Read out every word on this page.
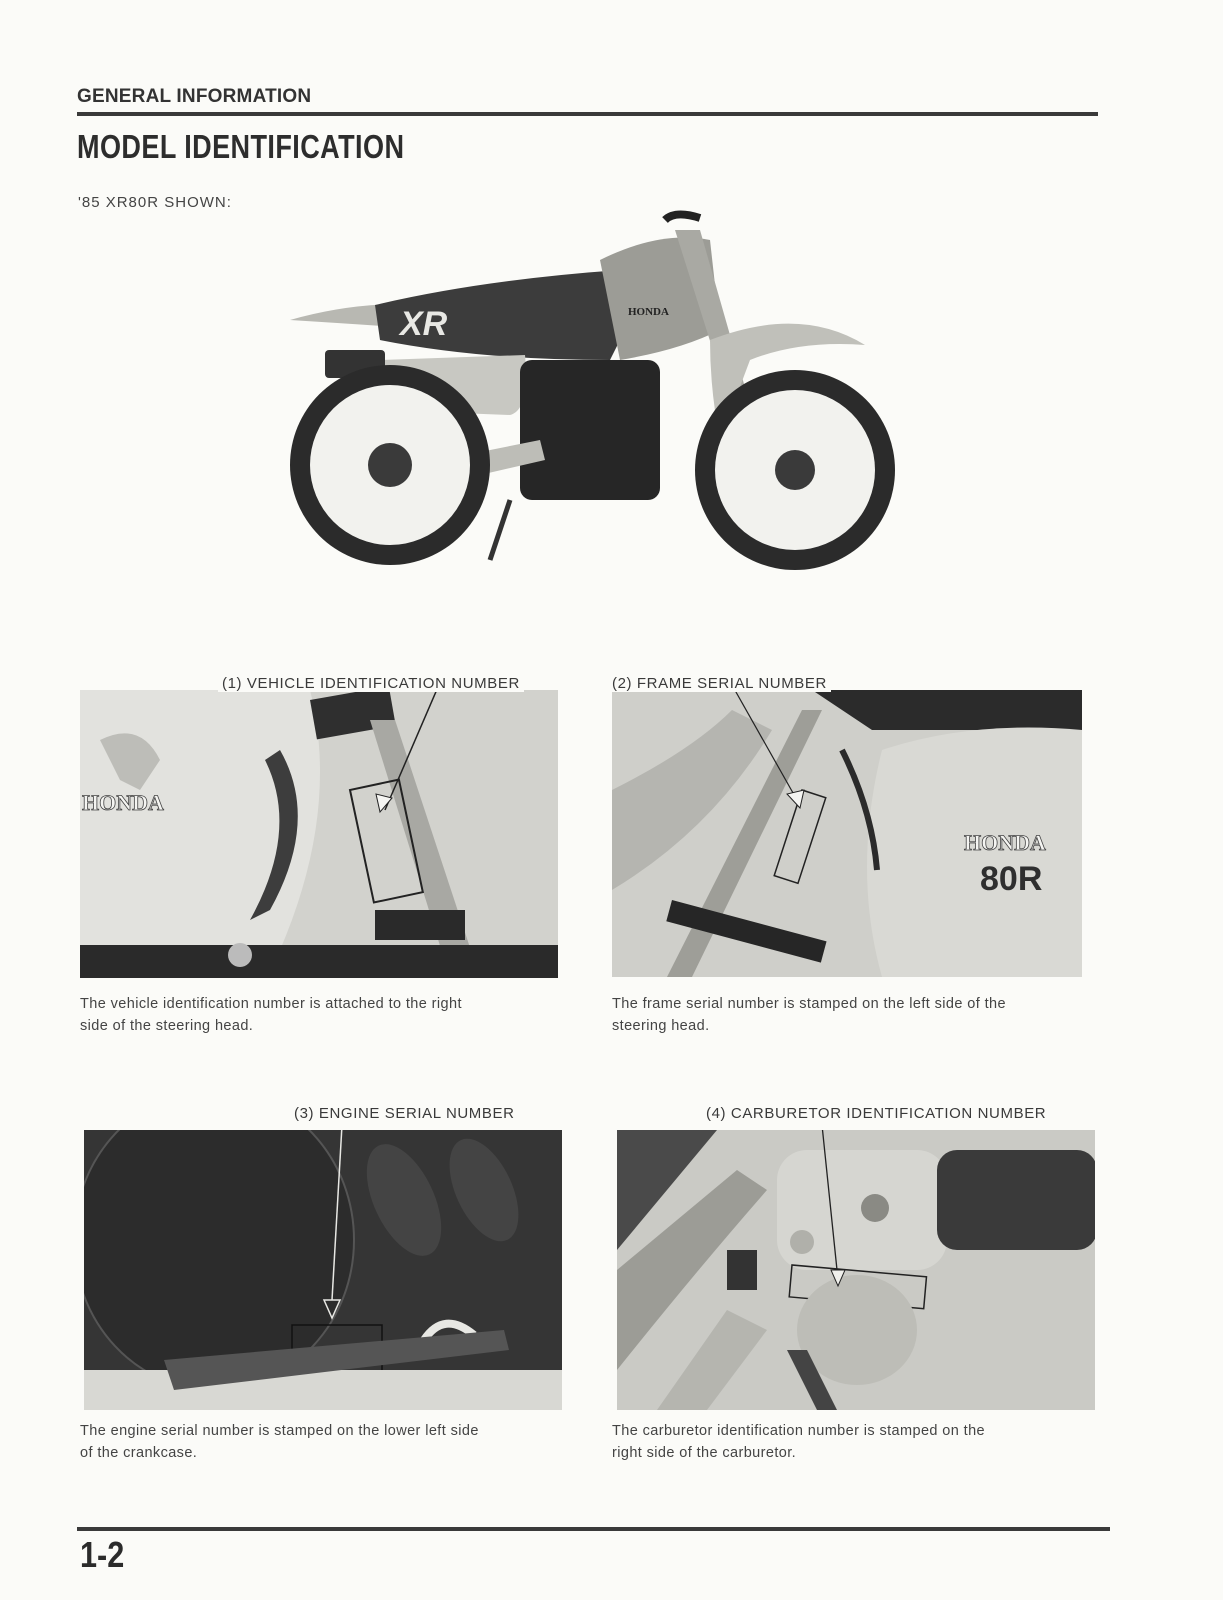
GENERAL INFORMATION
MODEL IDENTIFICATION
'85 XR80R SHOWN:
XR	HONDA
HONDA
(1) VEHICLE IDENTIFICATION NUMBER
The vehicle identification number is attached to the right
side of the steering head.
HONDA
80R
(2) FRAME SERIAL NUMBER
The frame serial number is stamped on the left side of the
steering head.
(3) ENGINE SERIAL NUMBER
The engine serial number is stamped on the lower left side
of the crankcase.
(4) CARBURETOR IDENTIFICATION NUMBER
The carburetor identification number is stamped on the
right side of the carburetor.
1-2
